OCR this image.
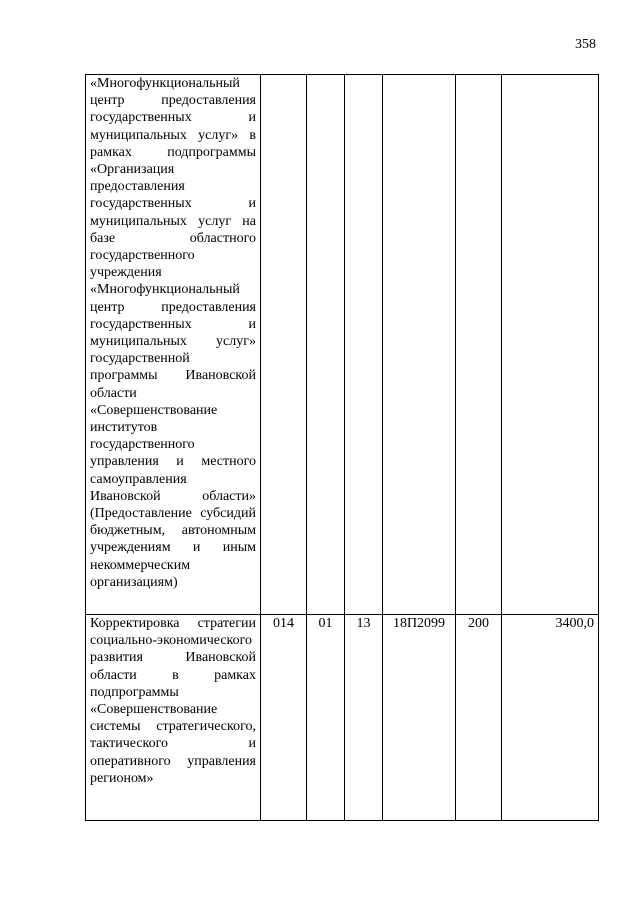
358
«Многофункциональный центр предоставления государственных и муниципальных услуг» в рамках подпрограммы «Организация предоставления государственных и муниципальных услуг на базе областного государственного учреждения «Многофункциональный центр предоставления государственных и муниципальных услуг» государственной программы Ивановской области «Совершенствование институтов государственного управления и местного самоуправления Ивановской области» (Предоставление субсидий бюджетным, автономным учреждениям и иным некоммерческим организациям)						
Корректировка стратегии социально-экономического развития Ивановской области в рамках подпрограммы «Совершенствование системы стратегического, тактического и оперативного управления регионом»	014	01	13	18П2099	200	3400,0
